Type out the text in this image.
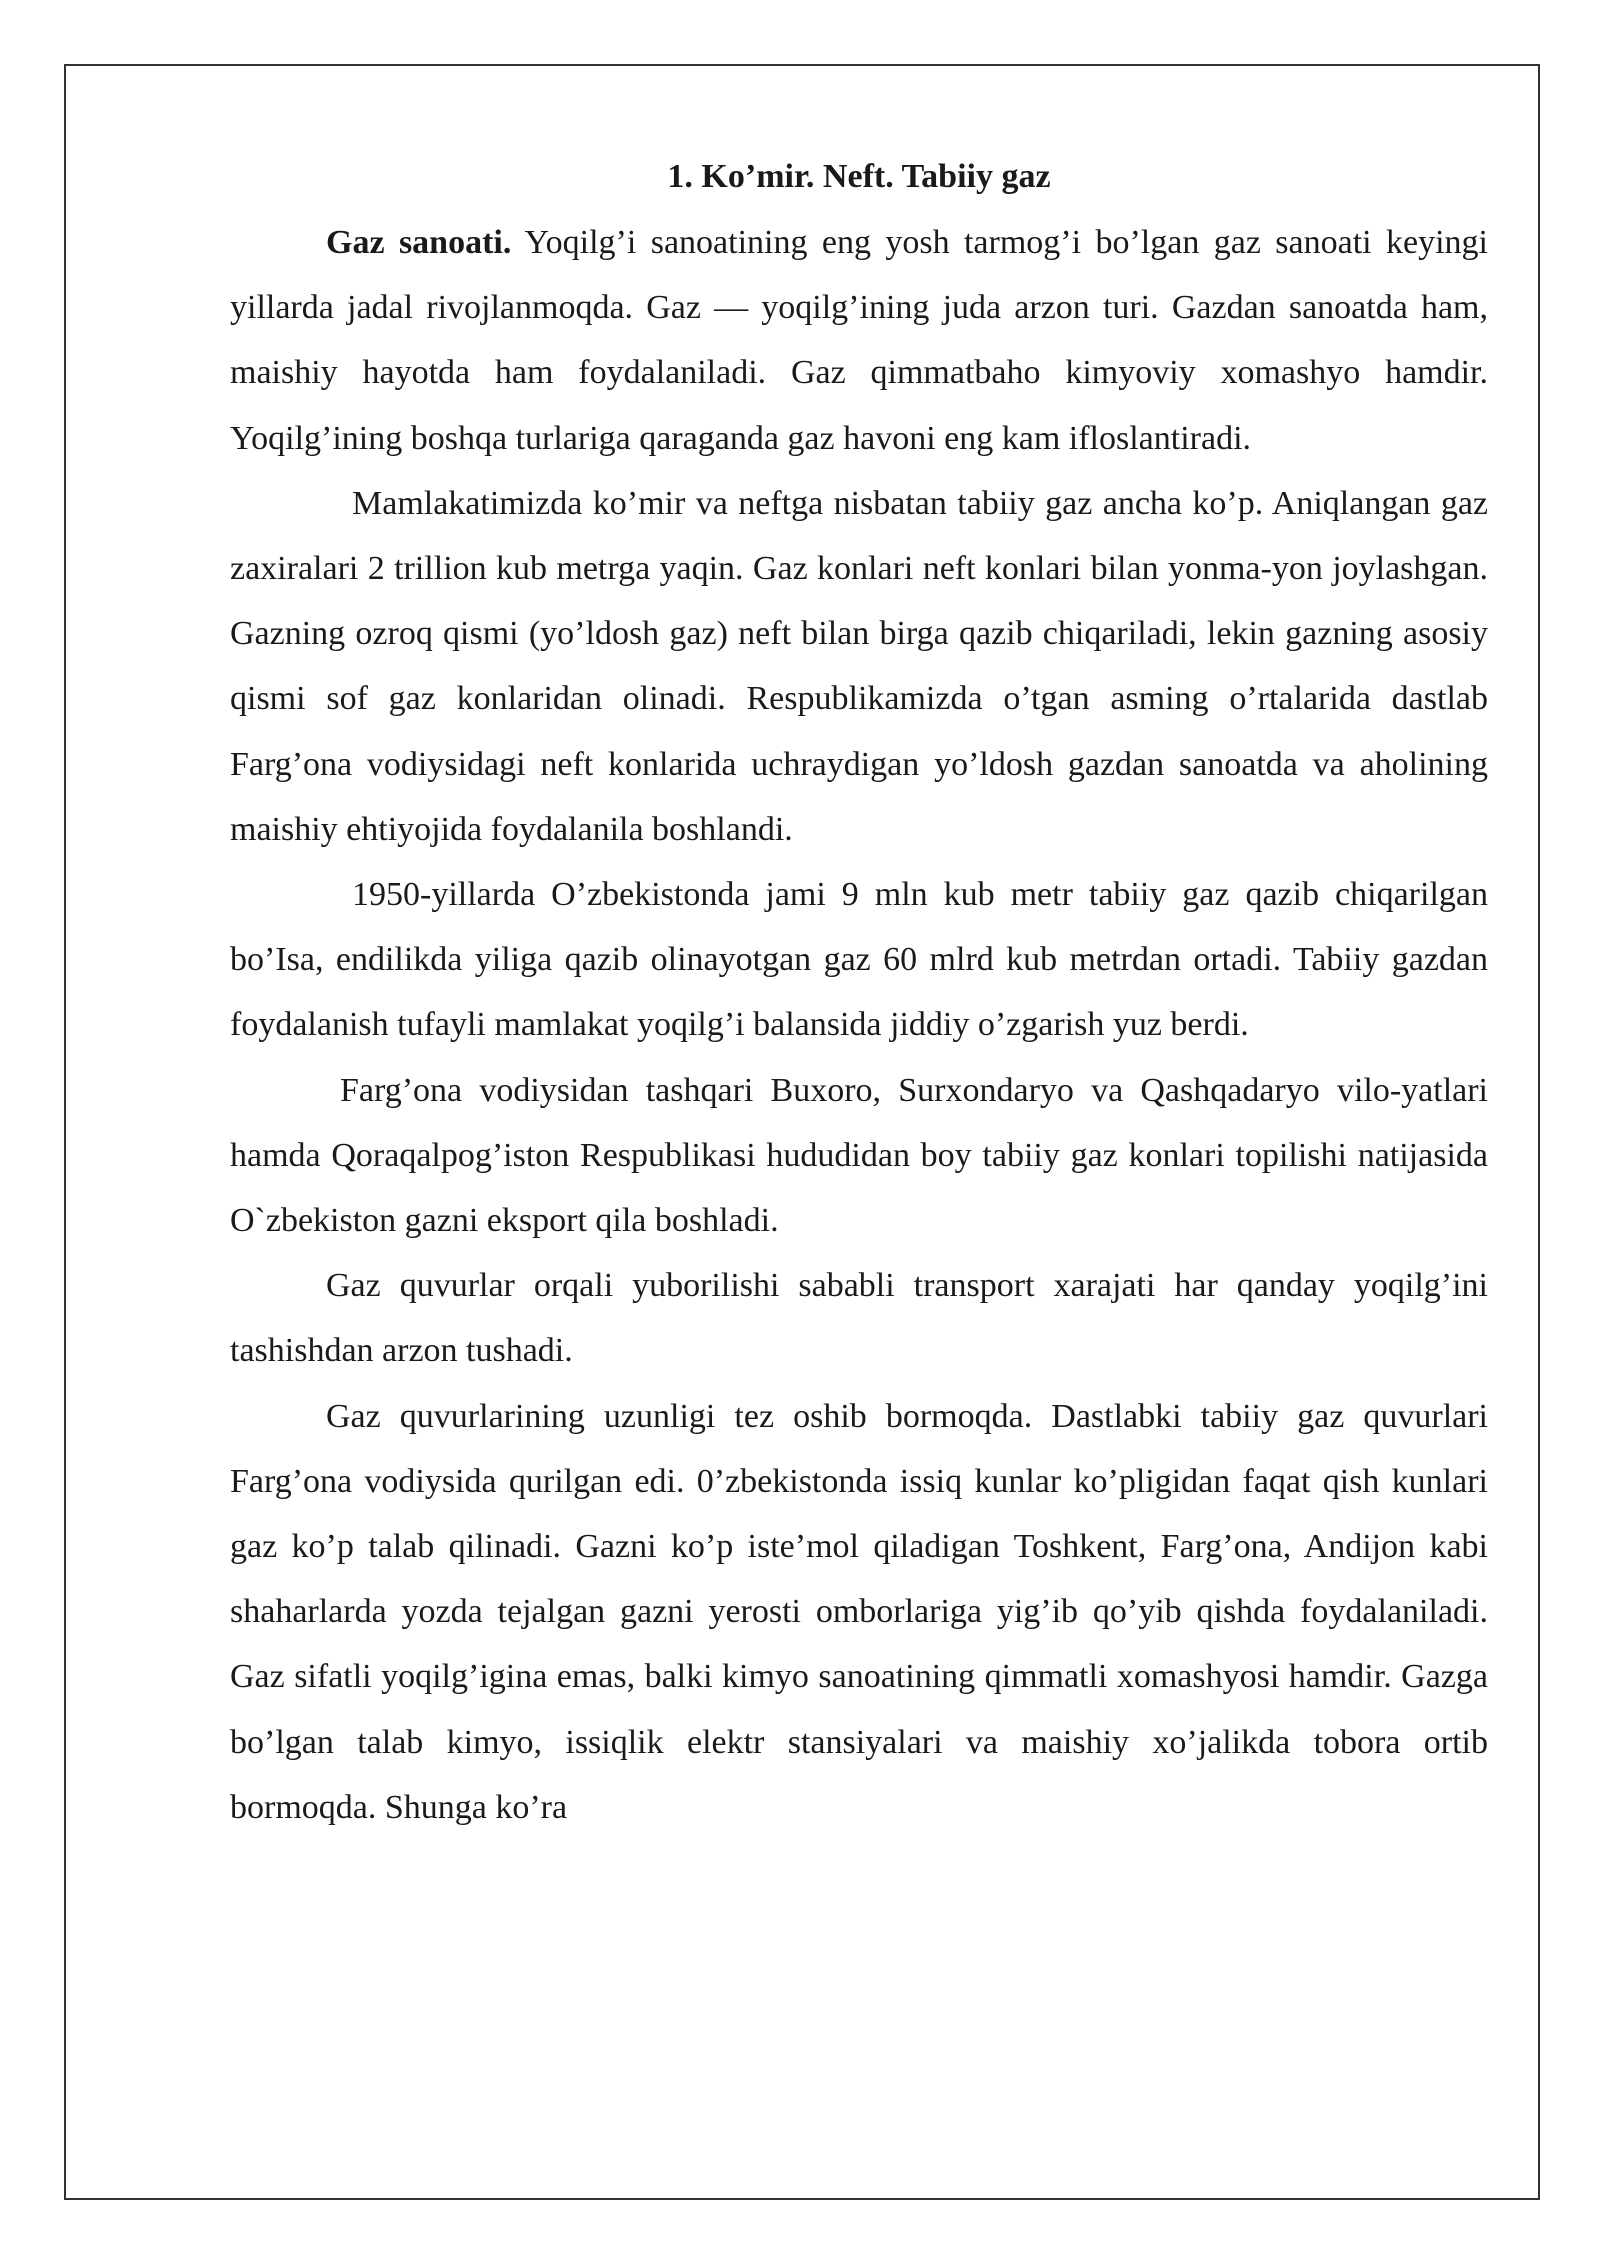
1. Ko’mir. Neft. Tabiiy gaz

Gaz sanoati. Yoqilg’i sanoatining eng yosh tarmog’i bo’lgan gaz sanoati keyingi yillarda jadal rivojlanmoqda. Gaz — yoqilg’ining juda arzon turi. Gazdan sanoatda ham, maishiy hayotda ham foydalaniladi. Gaz qimmatbaho kimyoviy xomashyo hamdir. Yoqilg’ining boshqa turlariga qaraganda gaz havoni eng kam ifloslantiradi.

Mamlakatimizda ko’mir va neftga nisbatan tabiiy gaz ancha ko’p. Aniqlangan gaz zaxiralari 2 trillion kub metrga yaqin. Gaz konlari neft konlari bilan yonma-yon joylashgan. Gazning ozroq qismi (yo’ldosh gaz) neft bilan birga qazib chiqariladi, lekin gazning asosiy qismi sof gaz konlaridan olinadi. Respublikamizda o’tgan asming o’rtalarida dastlab Farg’ona vodiysidagi neft konlarida uchraydigan yo’ldosh gazdan sanoatda va aholining maishiy ehtiyojida foydalanila boshlandi.

1950-yillarda O’zbekistonda jami 9 mln kub metr tabiiy gaz qazib chiqarilgan bo’Isa, endilikda yiliga qazib olinayotgan gaz 60 mlrd kub metrdan ortadi. Tabiiy gazdan foydalanish tufayli mamlakat yoqilg’i balansida jiddiy o’zgarish yuz berdi.

Farg’ona vodiysidan tashqari Buxoro, Surxondaryo va Qashqadaryo vilo-yatlari hamda Qoraqalpog’iston Respublikasi hududidan boy tabiiy gaz konlari topilishi natijasida O`zbekiston gazni eksport qila boshladi.

Gaz quvurlar orqali yuborilishi sababli transport xarajati har qanday yoqilg’ini tashishdan arzon tushadi.

Gaz quvurlarining uzunligi tez oshib bormoqda. Dastlabki tabiiy gaz quvurlari Farg’ona vodiysida qurilgan edi. 0’zbekistonda issiq kunlar ko’pligidan faqat qish kunlari gaz ko’p talab qilinadi. Gazni ko’p iste’mol qiladigan Toshkent, Farg’ona, Andijon kabi shaharlarda yozda tejalgan gazni yerosti omborlariga yig’ib qo’yib qishda foydalaniladi. Gaz sifatli yoqilg’igina emas, balki kimyo sanoatining qimmatli xomashyosi hamdir. Gazga bo’lgan talab kimyo, issiqlik elektr stansiyalari va maishiy xo’jalikda tobora ortib bormoqda. Shunga ko’ra
